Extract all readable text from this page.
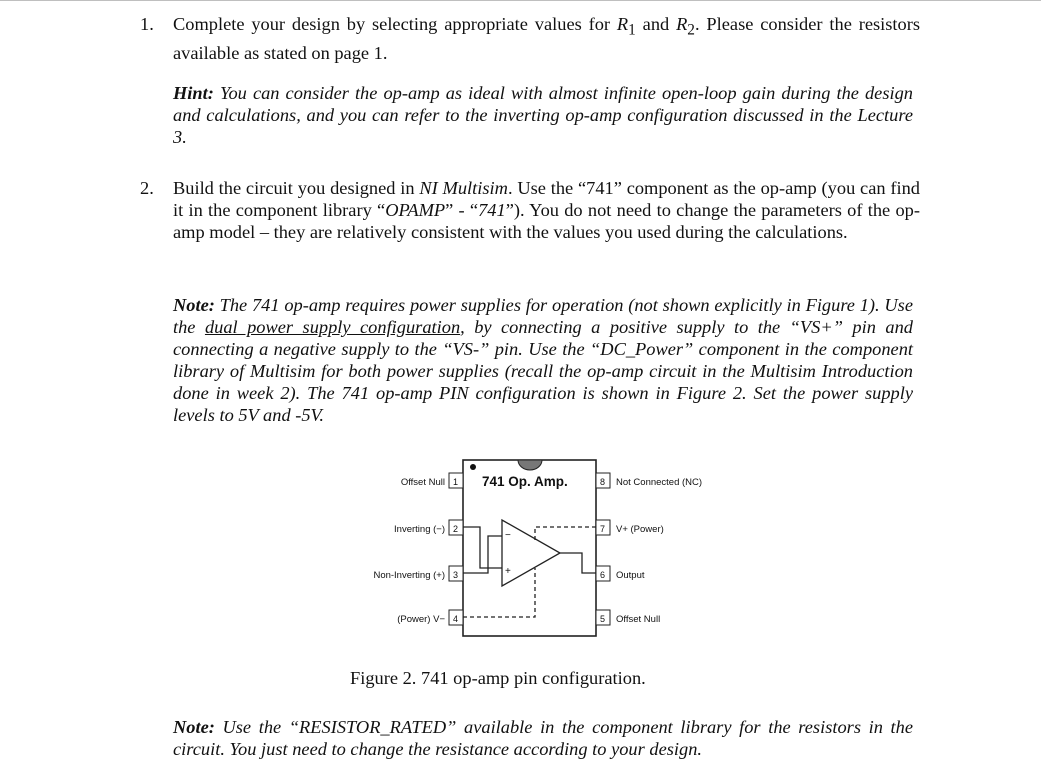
1. Complete your design by selecting appropriate values for $R_1$ and $R_2$. Please consider the resistors available as stated on page 1.
Hint: You can consider the op-amp as ideal with almost infinite open-loop gain during the design and calculations, and you can refer to the inverting op-amp configuration discussed in the Lecture 3.
2. Build the circuit you designed in NI Multisim. Use the “741” component as the op-amp (you can find it in the component library “OPAMP” - “741”). You do not need to change the parameters of the op-amp model – they are relatively consistent with the values you used during the calculations.
Note: The 741 op-amp requires power supplies for operation (not shown explicitly in Figure 1). Use the dual power supply configuration, by connecting a positive supply to the “VS+” pin and connecting a negative supply to the “VS-” pin. Use the “DC_Power” component in the component library of Multisim for both power supplies (recall the op-amp circuit in the Multisim Introduction done in week 2). The 741 op-amp PIN configuration is shown in Figure 2. Set the power supply levels to 5V and -5V.
741 Op. Amp.
1
2
3
4
8
7
6
5
Offset Null
Inverting (−)
Non-Inverting (+)
(Power) V−
Not Connected (NC)
V+ (Power)
Output
Offset Null
−
+
Figure 2. 741 op-amp pin configuration.
Note: Use the “RESISTOR_RATED” available in the component library for the resistors in the circuit. You just need to change the resistance according to your design.
